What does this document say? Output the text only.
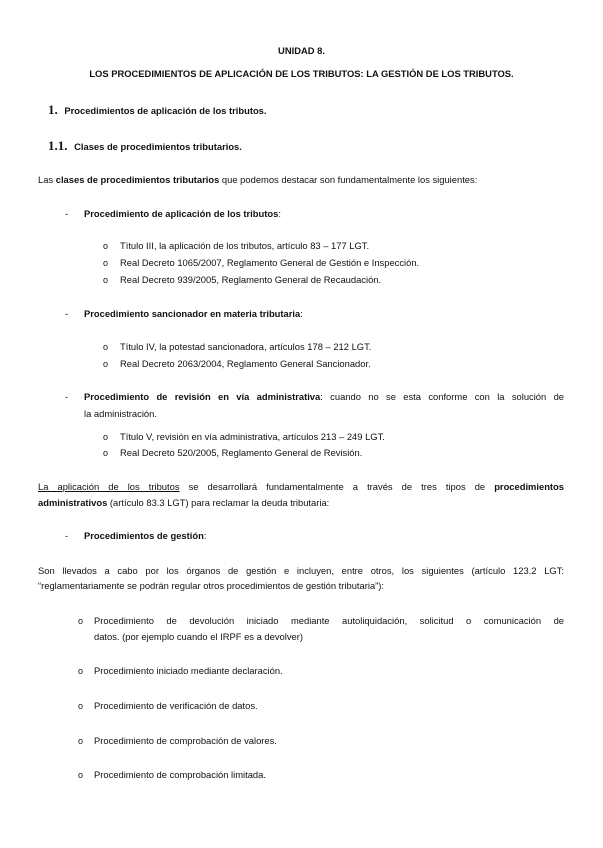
UNIDAD 8.
LOS PROCEDIMIENTOS DE APLICACIÓN DE LOS TRIBUTOS: LA GESTIÓN DE LOS TRIBUTOS.
1. Procedimientos de aplicación de los tributos.
1.1. Clases de procedimientos tributarios.
Las clases de procedimientos tributarios que podemos destacar son fundamentalmente los siguientes:
- Procedimiento de aplicación de los tributos:
o Título III, la aplicación de los tributos, artículo 83 – 177 LGT.
o Real Decreto 1065/2007, Reglamento General de Gestión e Inspección.
o Real Decreto 939/2005, Reglamento General de Recaudación.
- Procedimiento sancionador en materia tributaria:
o Título IV, la potestad sancionadora, artículos 178 – 212 LGT.
o Real Decreto 2063/2004, Reglamento General Sancionador.
- Procedimiento de revisión en vía administrativa: cuando no se esta conforme con la solución de
la administración.
o Título V, revisión en vía administrativa, artículos 213 – 249 LGT.
o Real Decreto 520/2005, Reglamento General de Revisión.
La aplicación de los tributos se desarrollará fundamentalmente a través de tres tipos de procedimientos
administrativos (artículo 83.3 LGT) para reclamar la deuda tributaria:
- Procedimientos de gestión:
Son llevados a cabo por los órganos de gestión e incluyen, entre otros, los siguientes (artículo 123.2 LGT:
“reglamentariamente se podrán regular otros procedimientos de gestión tributaria”):
o Procedimiento de devolución iniciado mediante autoliquidación, solicitud o comunicación de
datos. (por ejemplo cuando el IRPF es a devolver)
o Procedimiento iniciado mediante declaración.
o Procedimiento de verificación de datos.
o Procedimiento de comprobación de valores.
o Procedimiento de comprobación limitada.
